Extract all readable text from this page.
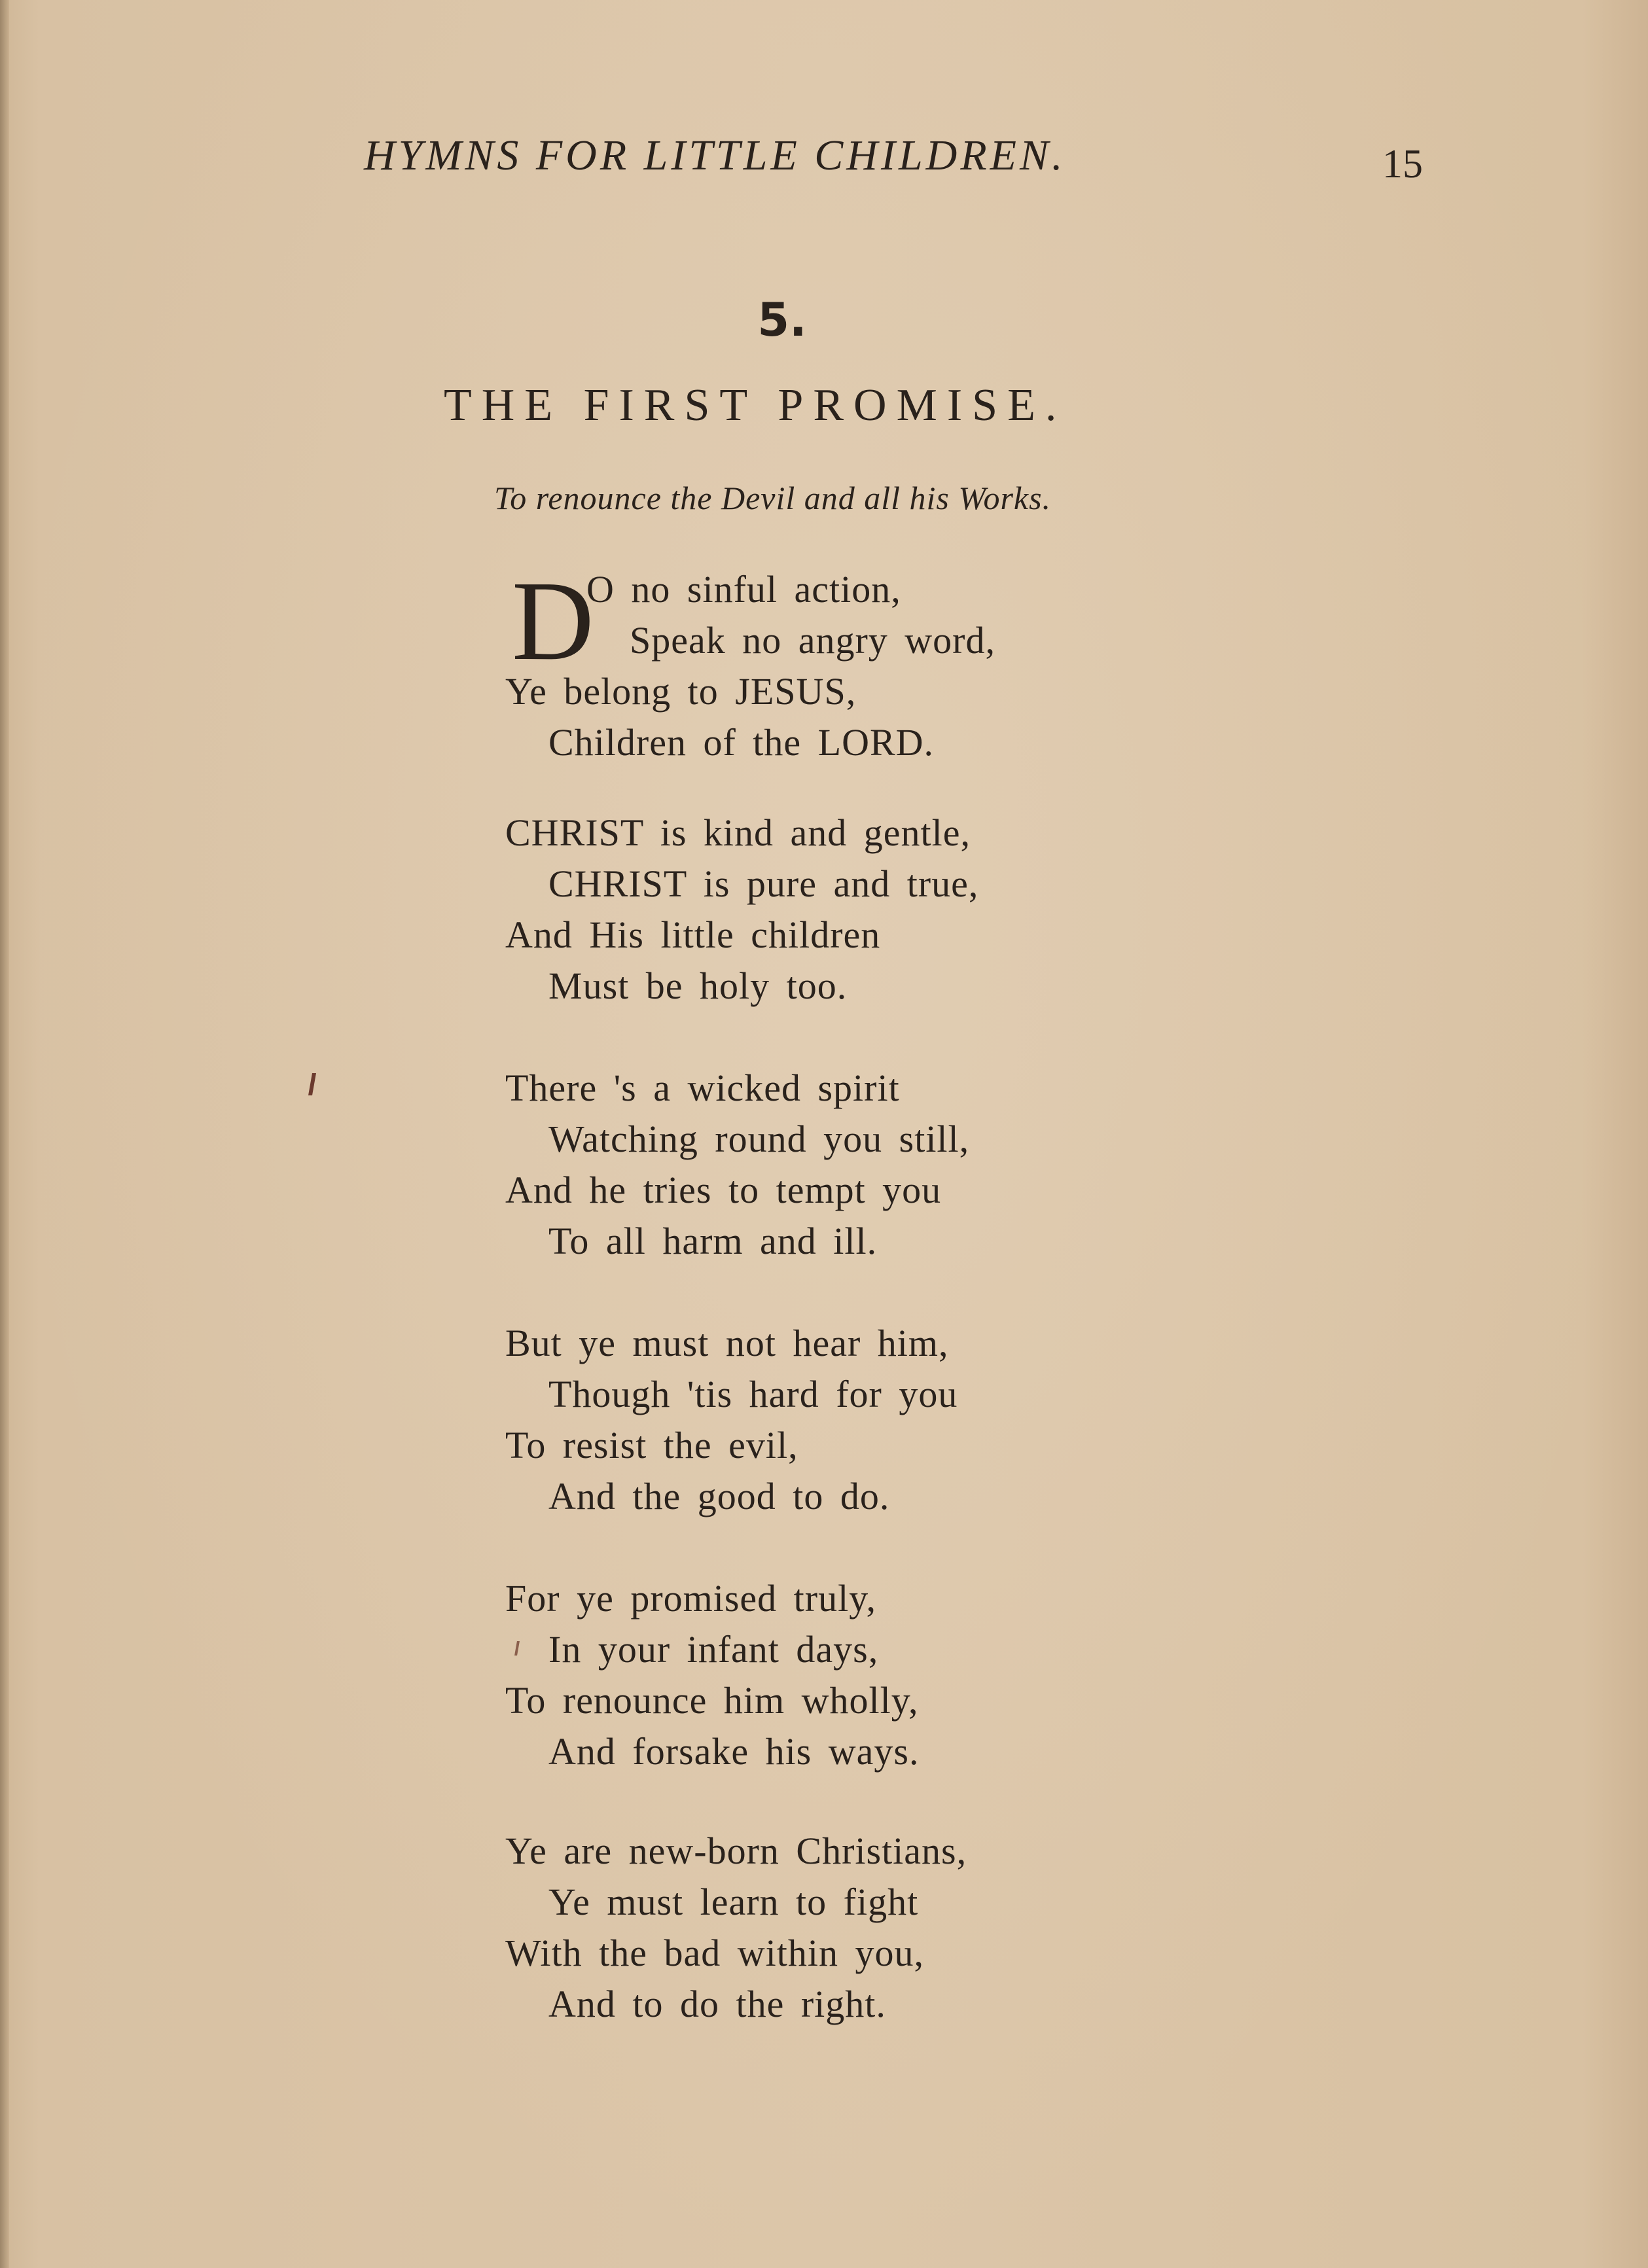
HYMNS FOR LITTLE CHILDREN.	15
5.
THE FIRST PROMISE.
To renounce the Devil and all his Works.
D
O no sinful action,
Speak no angry word,
Ye belong to JESUS,
Children of the LORD.
CHRIST is kind and gentle,
CHRIST is pure and true,
And His little children
Must be holy too.
There 's a wicked spirit
Watching round you still,
And he tries to tempt you
To all harm and ill.
But ye must not hear him,
Though 'tis hard for you
To resist the evil,
And the good to do.
For ye promised truly,
In your infant days,
To renounce him wholly,
And forsake his ways.
Ye are new-born Christians,
Ye must learn to fight
With the bad within you,
And to do the right.
